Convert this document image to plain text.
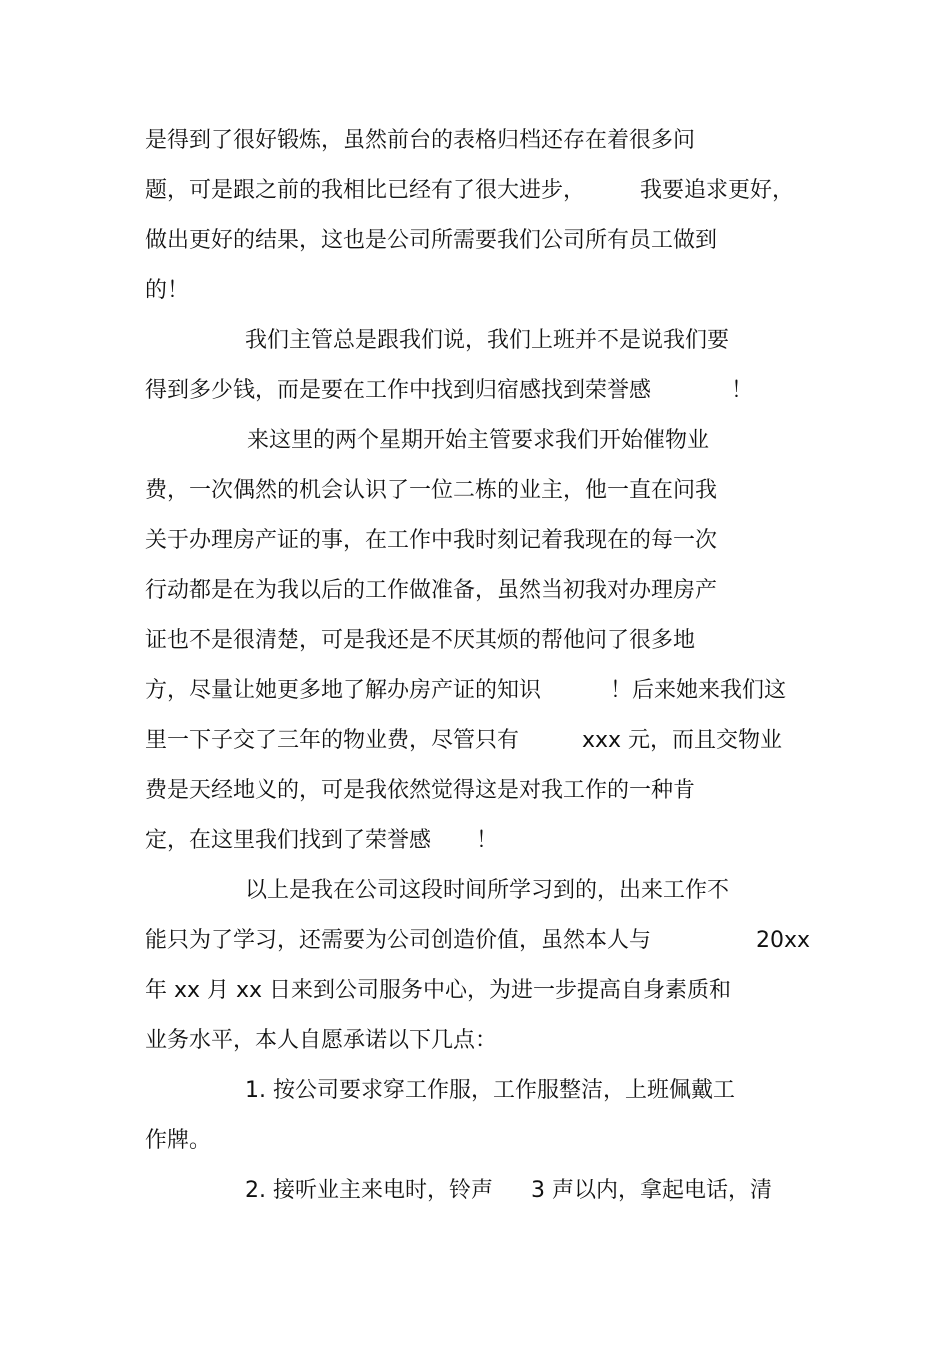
是得到了很好锻炼，虽然前台的表格归档还存在着很多问
题，可是跟之前的我相比已经有了很大进步， 我要追求更好，
做出更好的结果，这也是公司所需要我们公司所有员工做到
的！
我们主管总是跟我们说，我们上班并不是说我们要
得到多少钱，而是要在工作中找到归宿感找到荣誉感	！
来这里的两个星期开始主管要求我们开始催物业
费，一次偶然的机会认识了一位二栋的业主，他一直在问我
关于办理房产证的事，在工作中我时刻记着我现在的每一次
行动都是在为我以后的工作做准备，虽然当初我对办理房产
证也不是很清楚，可是我还是不厌其烦的帮他问了很多地
方，尽量让她更多地了解办房产证的知识	！后来她来我们这
里一下子交了三年的物业费，尽管只有	xxx 元，而且交物业
费是天经地义的，可是我依然觉得这是对我工作的一种肯
定，在这里我们找到了荣誉感 ！
以上是我在公司这段时间所学习到的，出来工作不
能只为了学习，还需要为公司创造价值，虽然本人与	20xx
年 xx 月 xx 日来到公司服务中心，为进一步提高自身素质和
业务水平，本人自愿承诺以下几点：
1. 按公司要求穿工作服，工作服整洁，上班佩戴工
作牌。
2. 接听业主来电时，铃声 3 声以内，拿起电话，清
